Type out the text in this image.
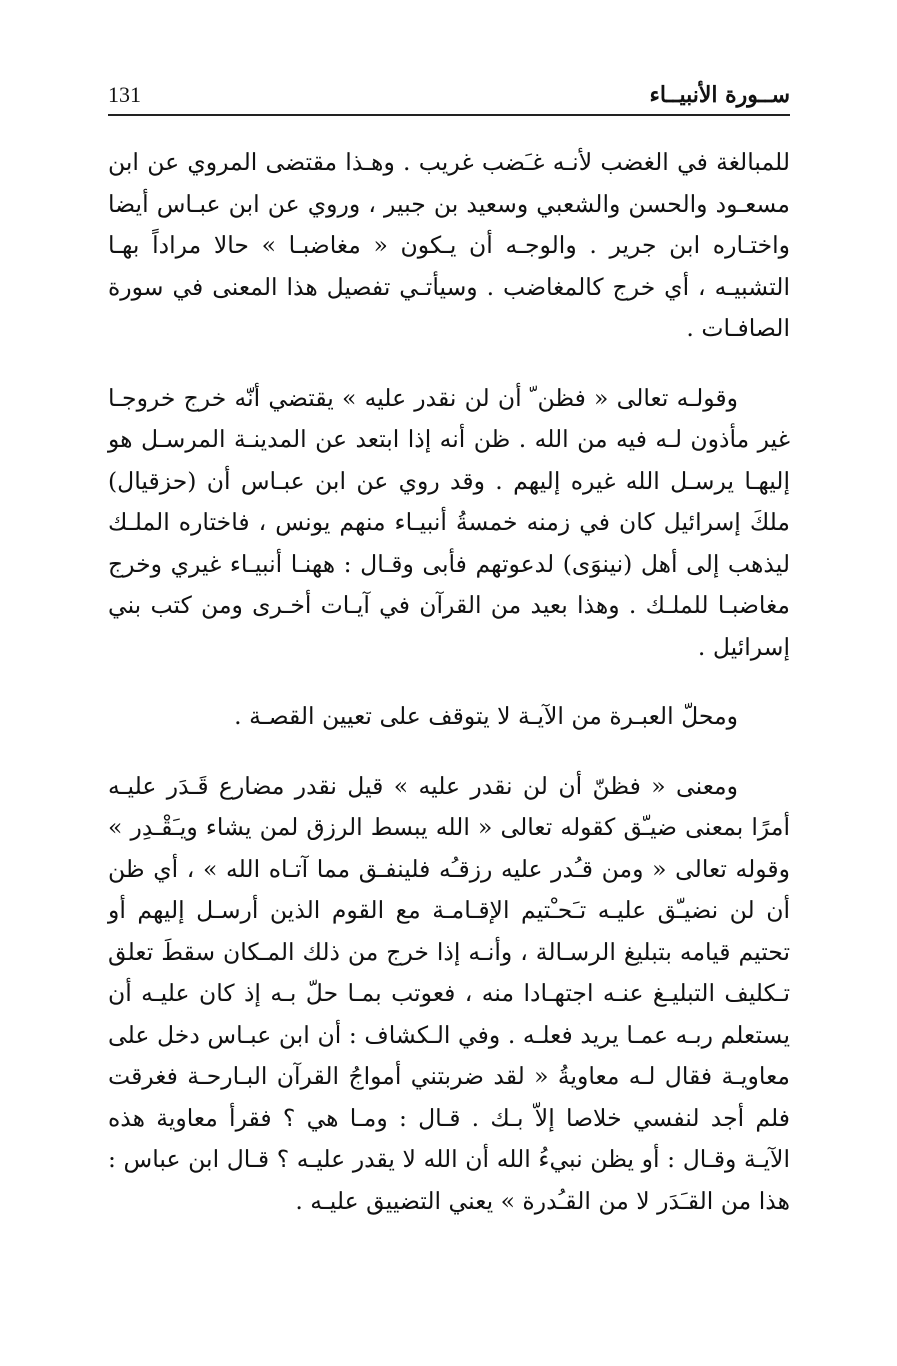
ســورة الأنبيــاء
131

للمبالغة في الغضب لأنـه غـَضب غريب . وهـذا مقتضى المروي عن ابن مسعـود والحسن والشعبي وسعيد بن جبير ، وروي عن ابن عبـاس أيضا واختـاره ابن جرير . والوجـه أن يـكون « مغاضبـا » حالا مراداً بهـا التشبيـه ، أي خرج كالمغاضب . وسيأتـي تفصيل هذا المعنى في سورة الصافـات .

وقولـه تعالى « فظن ّ أن لن نقدر عليه » يقتضي أنّه خرج خروجـا غير مأذون لـه فيه من الله . ظن أنه إذا ابتعد عن المدينـة المرسـل هو إليهـا يرسـل الله غيره إليهم . وقد روي عن ابن عبـاس أن (حزقيال) ملكَ إسرائيل كان في زمنه خمسةُ أنبيـاء منهم يونس ، فاختاره الملـك ليذهب إلى أهل (نينوَى) لدعوتهم فأبى وقـال : ههنـا أنبيـاء غيري وخرج مغاضبـا للملـك . وهذا بعيد من القرآن في آيـات أخـرى ومن كتب بني إسرائيل .

ومحلّ العبـرة من الآيـة لا يتوقف على تعيين القصـة .

ومعنى « فظنّ أن لن نقدر عليه » قيل نقدر مضارع قَـدَر عليـه أمرًا بمعنى ضيـّق كقوله تعالى « الله يبسط الرزق لمن يشاء ويـَقْـدِر » وقوله تعالى « ومن قـُدر عليه رزقـُه فلينفـق مما آتـاه الله » ، أي ظن أن لن نضيـّق عليـه تـَحـْتيم الإقـامـة مع القوم الذين أرسـل إليهم أو تحتيم قيامه بتبليغ الرسـالة ، وأنـه إذا خرج من ذلك المـكان سقطَ تعلق تـكليف التبليـغ عنـه اجتهـادا منه ، فعوتب بمـا حلّ بـه إذ كان عليـه أن يستعلم ربـه عمـا يريد فعلـه . وفي الـكشاف : أن ابن عبـاس دخل على معاويـة فقال لـه معاويةُ « لقد ضربتني أمواجُ القرآن البـارحـة فغرقت فلم أجد لنفسي خلاصا إلاّ بـك . قـال : ومـا هي ؟ فقرأ معاوية هذه الآيـة وقـال : أو يظن نبيءُ الله أن الله لا يقدر عليـه ؟ قـال ابن عباس : هذا من القـَدَر لا من القـُدرة » يعني التضييق عليـه .
